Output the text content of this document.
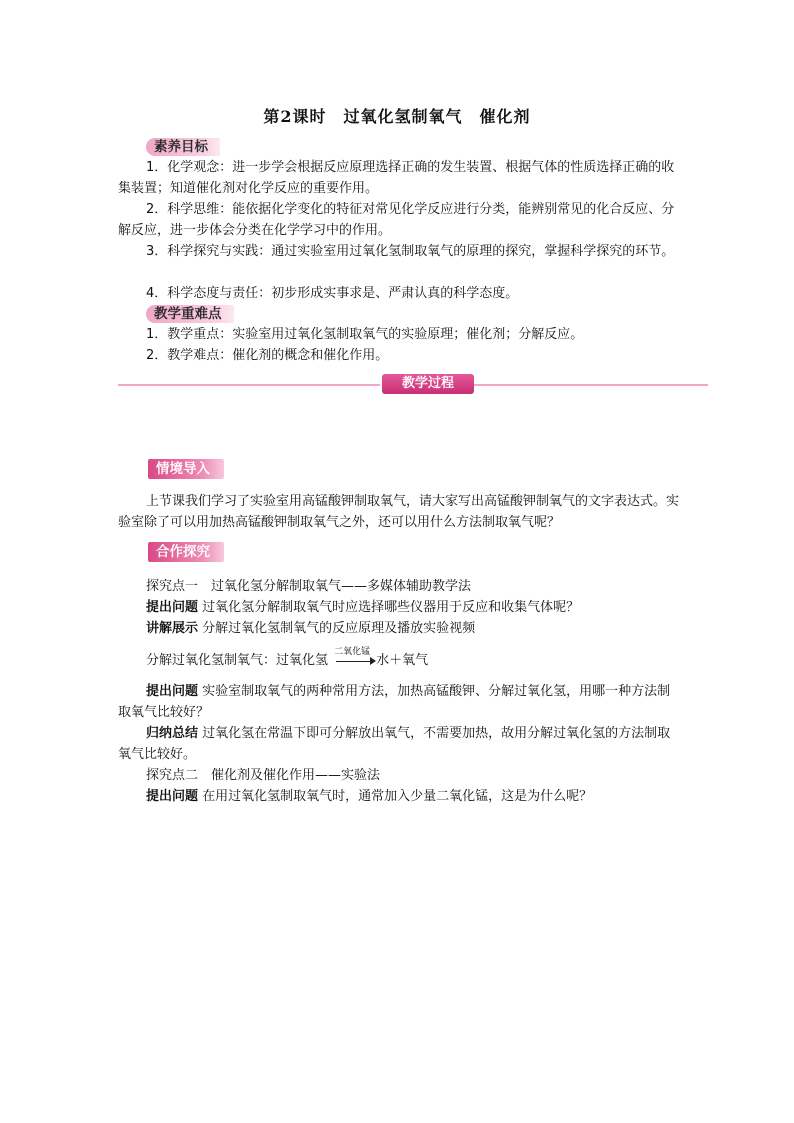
第2课时　过氧化氢制氧气　催化剂
素养目标

1．化学观念：进一步学会根据反应原理选择正确的发生装置、根据气体的性质选择正确的收集装置；知道催化剂对化学反应的重要作用。

2．科学思维：能依据化学变化的特征对常见化学反应进行分类，能辨别常见的化合反应、分解反应，进一步体会分类在化学学习中的作用。

3．科学探究与实践：通过实验室用过氧化氢制取氧气的原理的探究，掌握科学探究的环节。

4．科学态度与责任：初步形成实事求是、严肃认真的科学态度。

教学重难点

1．教学重点：实验室用过氧化氢制取氧气的实验原理；催化剂；分解反应。

2．教学难点：催化剂的概念和催化作用。

教学过程
情境导入

上节课我们学习了实验室用高锰酸钾制取氧气，请大家写出高锰酸钾制氧气的文字表达式。实验室除了可以用加热高锰酸钾制取氧气之外，还可以用什么方法制取氧气呢？

合作探究
探究点一　过氧化氢分解制取氧气——多媒体辅助教学法
提出问题 过氧化氢分解制取氧气时应选择哪些仪器用于反应和收集气体呢？
讲解展示 分解过氧化氢制氧气的反应原理及播放实验视频
分解过氧化氢制氧气：过氧化氢
二氧化锰
水＋氧气

提出问题 实验室制取氧气的两种常用方法，加热高锰酸钾、分解过氧化氢，用哪一种方法制取氧气比较好？

归纳总结 过氧化氢在常温下即可分解放出氧气，不需要加热，故用分解过氧化氢的方法制取氧气比较好。

探究点二　催化剂及催化作用——实验法
提出问题 在用过氧化氢制取氧气时，通常加入少量二氧化锰，这是为什么呢？
